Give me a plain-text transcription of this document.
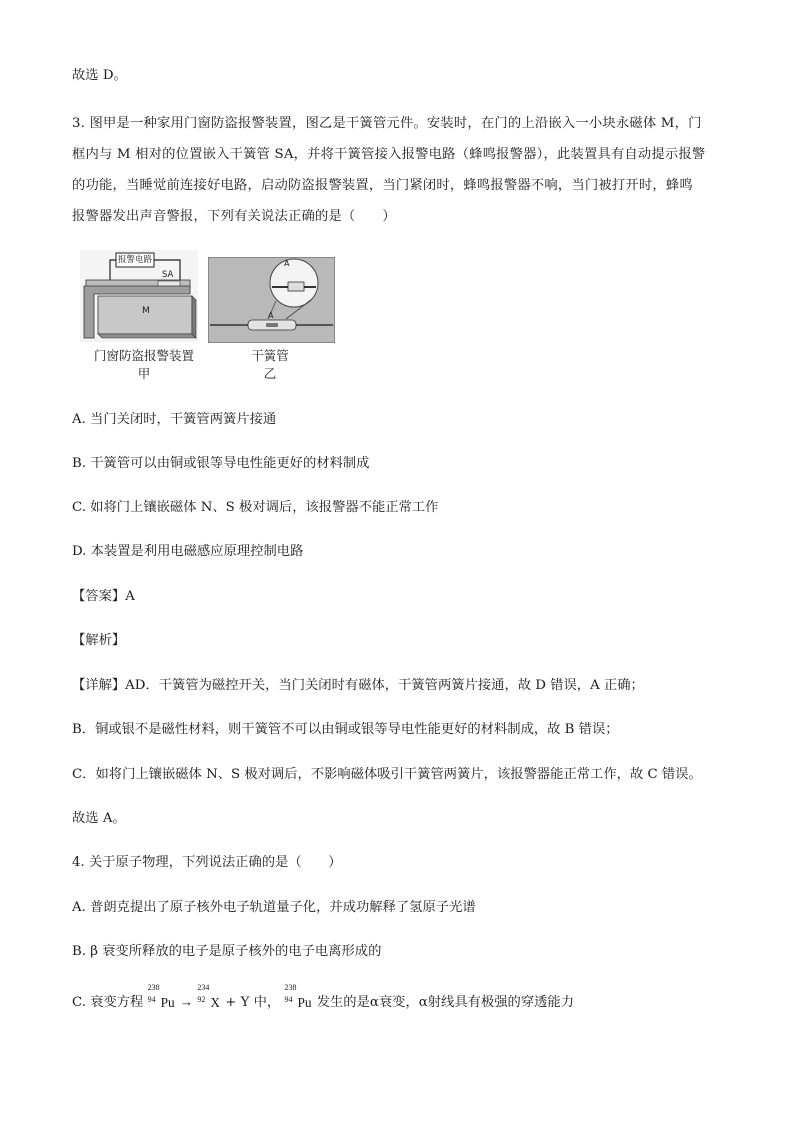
故选 D。
3. 图甲是一种家用门窗防盗报警装置，图乙是干簧管元件。安装时，在门的上沿嵌入一小块永磁体 M，门
框内与 M 相对的位置嵌入干簧管 SA，并将干簧管接入报警电路（蜂鸣报警器），此装置具有自动提示报警
的功能，当睡觉前连接好电路，启动防盗报警装置，当门紧闭时，蜂鸣报警器不响，当门被打开时，蜂鸣
报警器发出声音警报，下列有关说法正确的是（　　）
报警电路
SA
M
门窗防盗报警装置
甲
A
A
干簧管
乙
A. 当门关闭时，干簧管两簧片接通
B. 干簧管可以由铜或银等导电性能更好的材料制成
C. 如将门上镶嵌磁体 N、S 极对调后，该报警器不能正常工作
D. 本装置是利用电磁感应原理控制电路
【答案】A
【解析】
【详解】AD．干簧管为磁控开关，当门关闭时有磁体，干簧管两簧片接通，故 D 错误，A 正确；
B．铜或银不是磁性材料，则干簧管不可以由铜或银等导电性能更好的材料制成，故 B 错误；
C．如将门上镶嵌磁体 N、S 极对调后，不影响磁体吸引干簧管两簧片，该报警器能正常工作，故 C 错误。
故选 A。
4. 关于原子物理，下列说法正确的是（　　）
A. 普朗克提出了原子核外电子轨道量子化，并成功解释了氢原子光谱
B. β 衰变所释放的电子是原子核外的电子电离形成的
C. 衰变方程
238
94 Pu →
234
92 X + Y 中，
238
94 Pu 发生的是α衰变，α射线具有极强的穿透能力
